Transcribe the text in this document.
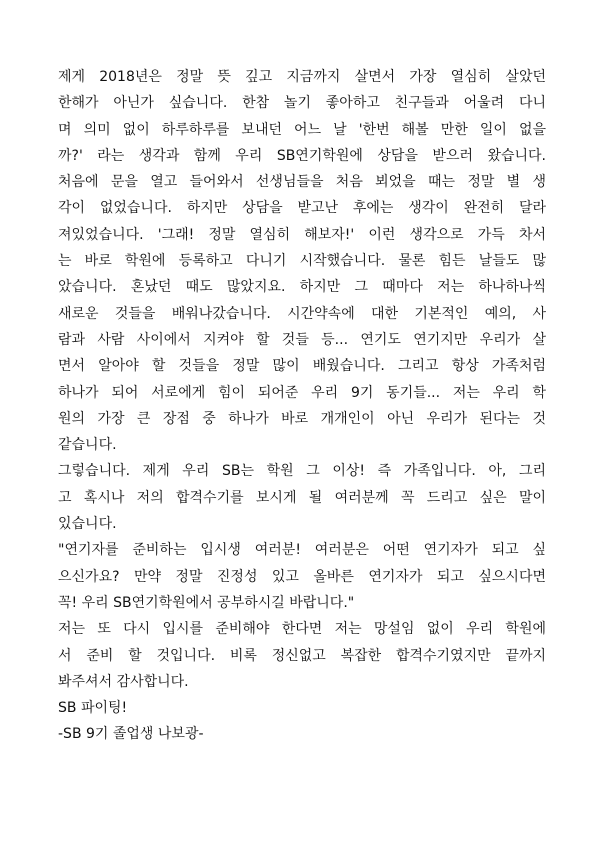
제게 2018년은 정말 뜻 깊고 지금까지 살면서 가장 열심히 살았던
한해가 아닌가 싶습니다. 한참 놀기 좋아하고 친구들과 어울려 다니
며 의미 없이 하루하루를 보내던 어느 날 '한번 해볼 만한 일이 없을
까?' 라는 생각과 함께 우리 SB연기학원에 상담을 받으러 왔습니다.
처음에 문을 열고 들어와서 선생님들을 처음 뵈었을 때는 정말 별 생
각이 없었습니다. 하지만 상담을 받고난 후에는 생각이 완전히 달라
져있었습니다. '그래! 정말 열심히 해보자!' 이런 생각으로 가득 차서
는 바로 학원에 등록하고 다니기 시작했습니다. 물론 힘든 날들도 많
았습니다. 혼났던 때도 많았지요. 하지만 그 때마다 저는 하나하나씩
새로운 것들을 배워나갔습니다. 시간약속에 대한 기본적인 예의, 사
람과 사람 사이에서 지켜야 할 것들 등... 연기도 연기지만 우리가 살
면서 알아야 할 것들을 정말 많이 배웠습니다. 그리고 항상 가족처럼
하나가 되어 서로에게 힘이 되어준 우리 9기 동기들... 저는 우리 학
원의 가장 큰 장점 중 하나가 바로 개개인이 아닌 우리가 된다는 것
같습니다.
그렇습니다. 제게 우리 SB는 학원 그 이상! 즉 가족입니다. 아, 그리
고 혹시나 저의 합격수기를 보시게 될 여러분께 꼭 드리고 싶은 말이
있습니다.
"연기자를 준비하는 입시생 여러분! 여러분은 어떤 연기자가 되고 싶
으신가요? 만약 정말 진정성 있고 올바른 연기자가 되고 싶으시다면
꼭! 우리 SB연기학원에서 공부하시길 바랍니다."
저는 또 다시 입시를 준비해야 한다면 저는 망설임 없이 우리 학원에
서 준비 할 것입니다. 비록 정신없고 복잡한 합격수기였지만 끝까지
봐주셔서 감사합니다.
SB 파이팅!
-SB 9기 졸업생 나보광-
